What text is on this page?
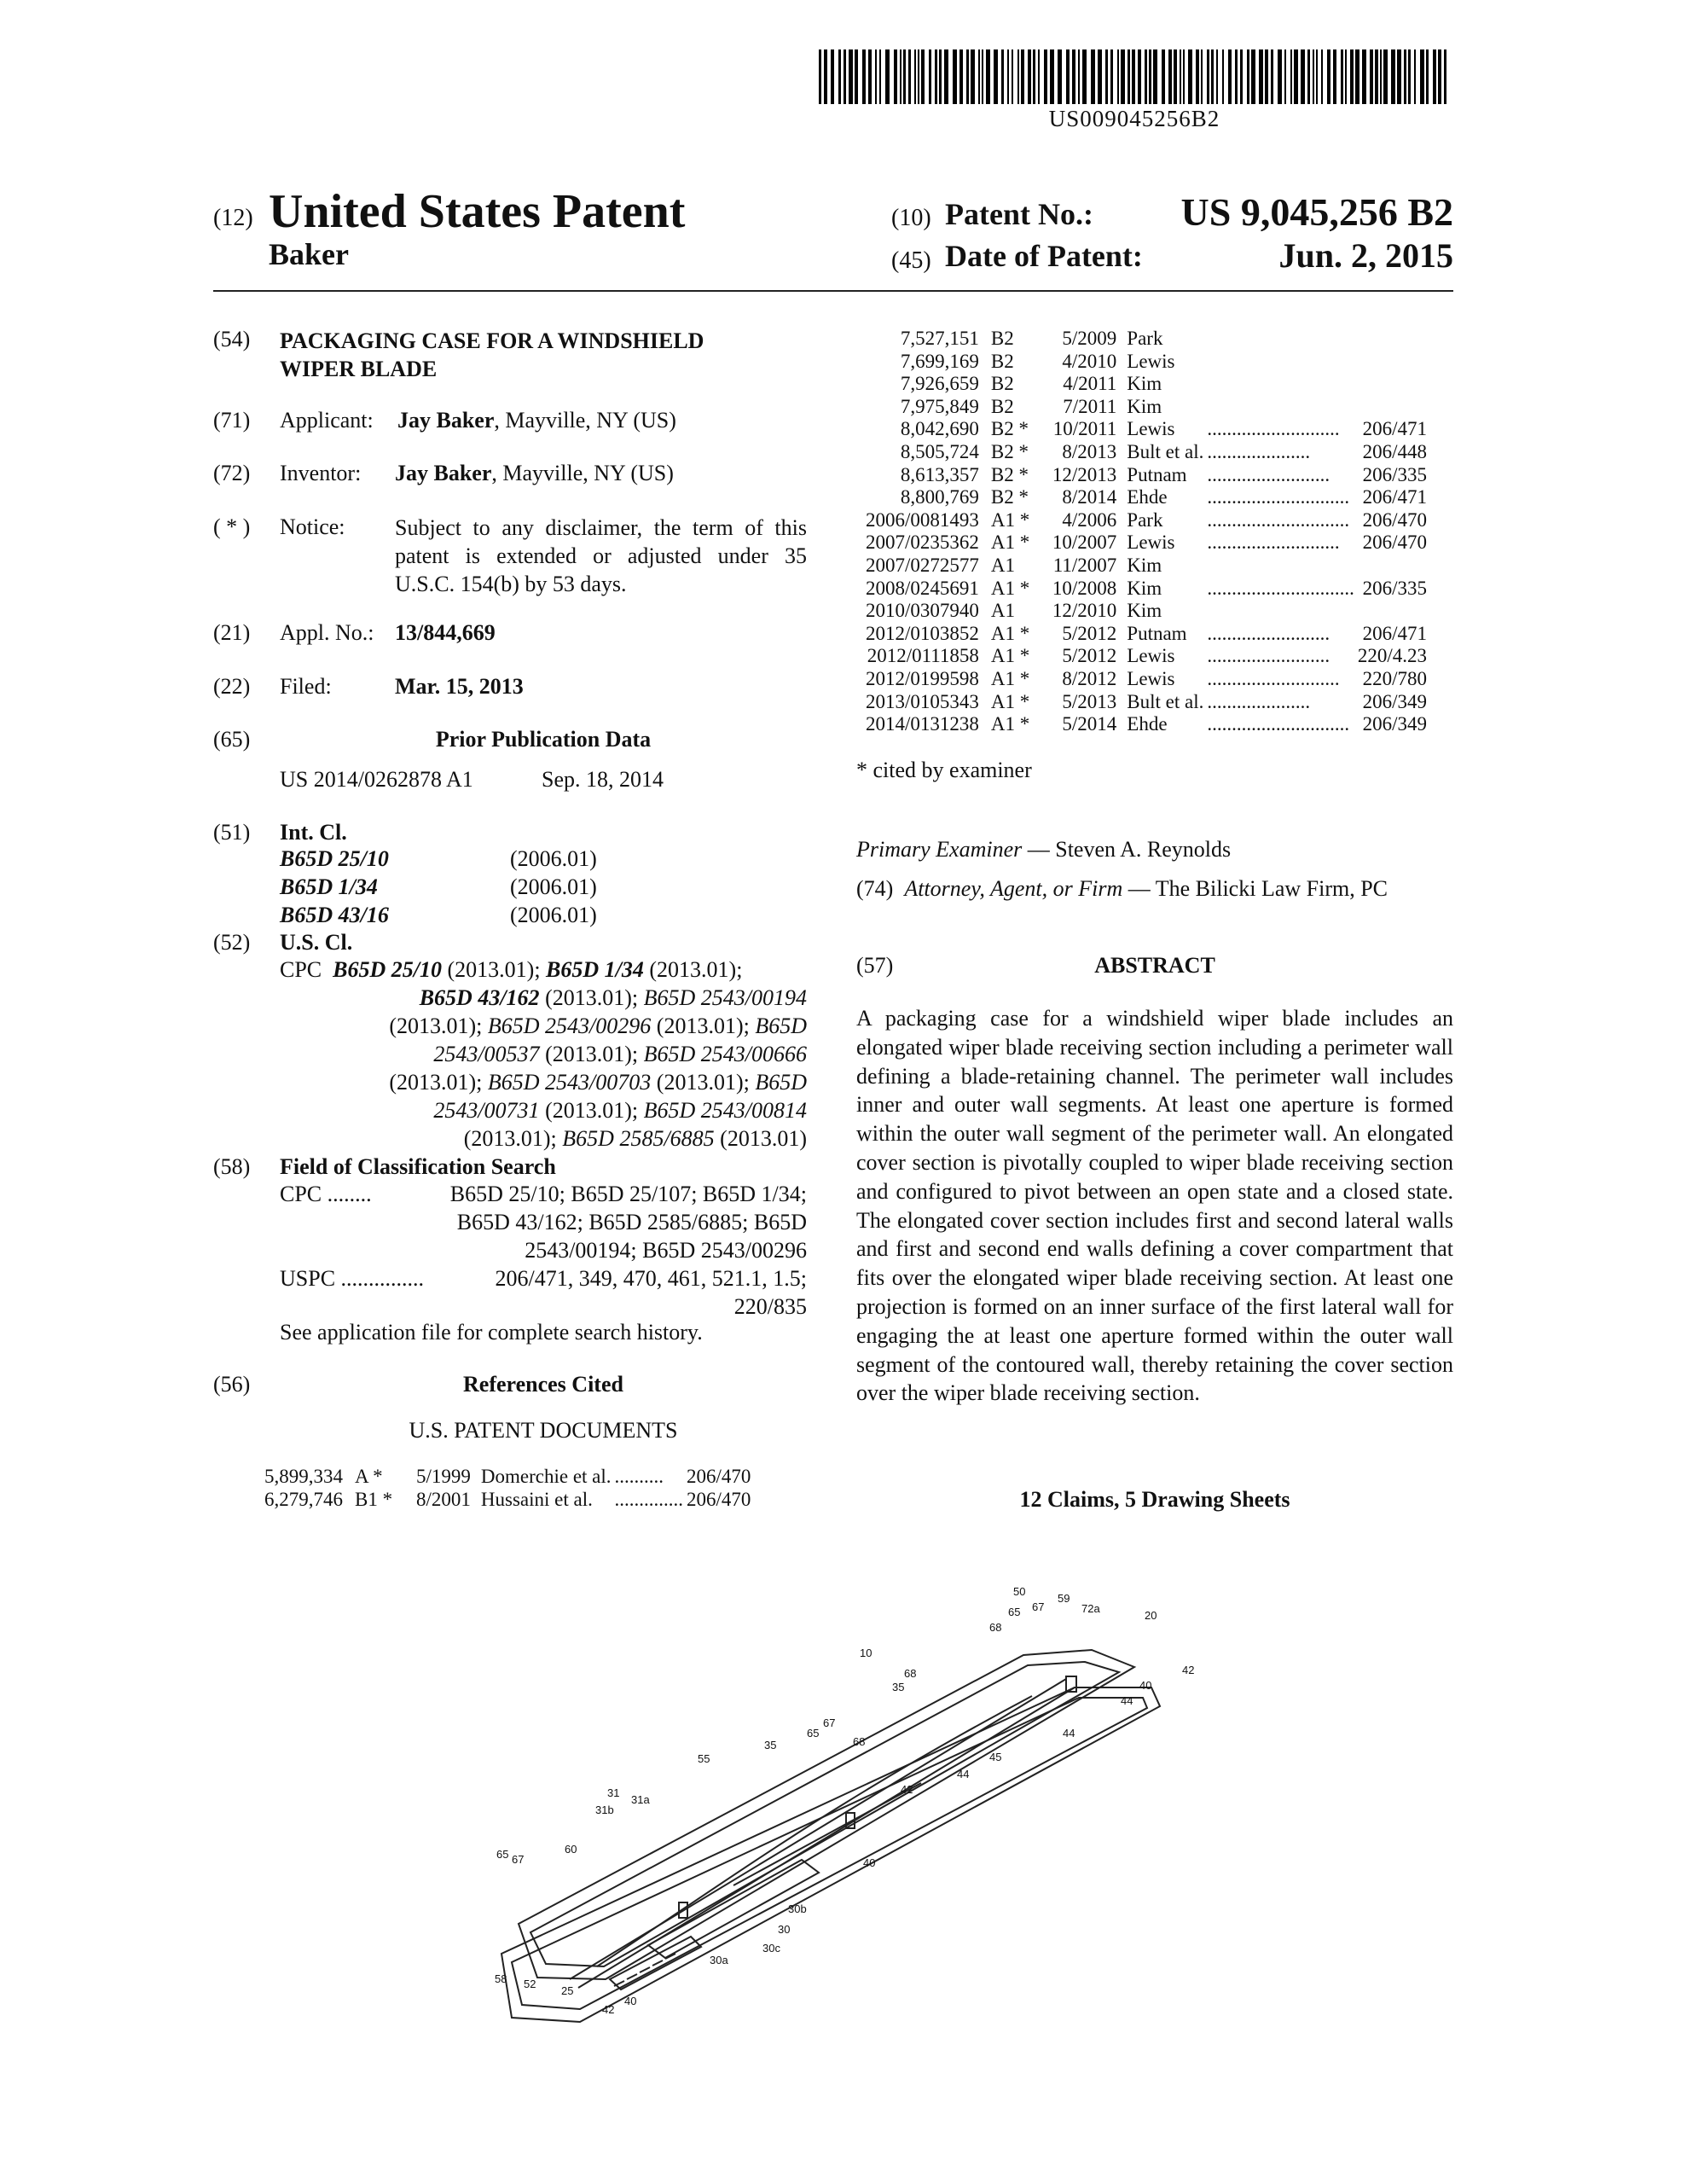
US009045256B2
(12) United States Patent
Baker
(10) Patent No.: US 9,045,256 B2
(45) Date of Patent:	Jun. 2, 2015
(54) PACKAGING CASE FOR A WINDSHIELD
WIPER BLADE
(71) Applicant: Jay Baker, Mayville, NY (US)
(72) Inventor: Jay Baker, Mayville, NY (US)
( * ) Notice: Subject to any disclaimer, the term of this patent is extended or adjusted under 35 U.S.C. 154(b) by 53 days.
(21) Appl. No.: 13/844,669
(22) Filed:	Mar. 15, 2013
(65)	Prior Publication Data
US 2014/0262878 A1	Sep. 18, 2014
(51) Int. Cl.
B65D 25/10	(2006.01)
B65D 1/34	(2006.01)
B65D 43/16	(2006.01)
(52) U.S. Cl.
CPC  B65D 25/10 (2013.01); B65D 1/34 (2013.01);
B65D 43/162 (2013.01); B65D 2543/00194
(2013.01); B65D 2543/00296 (2013.01); B65D
2543/00537 (2013.01); B65D 2543/00666
(2013.01); B65D 2543/00703 (2013.01); B65D
2543/00731 (2013.01); B65D 2543/00814
(2013.01); B65D 2585/6885 (2013.01)
(58) Field of Classification Search
CPC ........	B65D 25/10; B65D 25/107; B65D 1/34;
B65D 43/162; B65D 2585/6885; B65D
2543/00194; B65D 2543/00296
USPC ...............	206/471, 349, 470, 461, 521.1, 1.5;
220/835
See application file for complete search history.
(56)	References Cited
U.S. PATENT DOCUMENTS
5,899,334	A *	5/1999	Domerchie et al.	..........	206/470
6,279,746	B1 *	8/2001	Hussaini et al.	..............	206/470
7,527,151	B2	5/2009	Park		
7,699,169	B2	4/2010	Lewis		
7,926,659	B2	4/2011	Kim		
7,975,849	B2	7/2011	Kim		
8,042,690	B2 *	10/2011	Lewis	...........................	206/471
8,505,724	B2 *	8/2013	Bult et al.	.....................	206/448
8,613,357	B2 *	12/2013	Putnam	.........................	206/335
8,800,769	B2 *	8/2014	Ehde	.............................	206/471
2006/0081493	A1 *	4/2006	Park	.............................	206/470
2007/0235362	A1 *	10/2007	Lewis	...........................	206/470
2007/0272577	A1	11/2007	Kim		
2008/0245691	A1 *	10/2008	Kim	..............................	206/335
2010/0307940	A1	12/2010	Kim		
2012/0103852	A1 *	5/2012	Putnam	.........................	206/471
2012/0111858	A1 *	5/2012	Lewis	.........................	220/4.23
2012/0199598	A1 *	8/2012	Lewis	...........................	220/780
2013/0105343	A1 *	5/2013	Bult et al.	.....................	206/349
2014/0131238	A1 *	5/2014	Ehde	.............................	206/349
* cited by examiner
Primary Examiner — Steven A. Reynolds
(74) Attorney, Agent, or Firm — The Bilicki Law Firm, PC
(57)	ABSTRACT
A packaging case for a windshield wiper blade includes an elongated wiper blade receiving section including a perimeter wall defining a blade-retaining channel. The perimeter wall includes inner and outer wall segments. At least one aperture is formed within the outer wall segment of the perimeter wall. An elongated cover section is pivotally coupled to wiper blade receiving section and configured to pivot between an open state and a closed state. The elongated cover section includes first and second lateral walls and first and second end walls defining a cover compartment that fits over the elongated wiper blade receiving section. At least one projection is formed on an inner surface of the first lateral wall for engaging the at least one aperture formed within the outer wall segment of the contoured wall, thereby retaining the cover section over the wiper blade receiving section.
12 Claims, 5 Drawing Sheets
50
59
67
65	72a
20
68
10
68
35
42
40
44
44
65
67
68
45
55
35
44
42
31
31a
31b
40
65 67
60
30b
30
30c
30a
58 52
25
42
40
